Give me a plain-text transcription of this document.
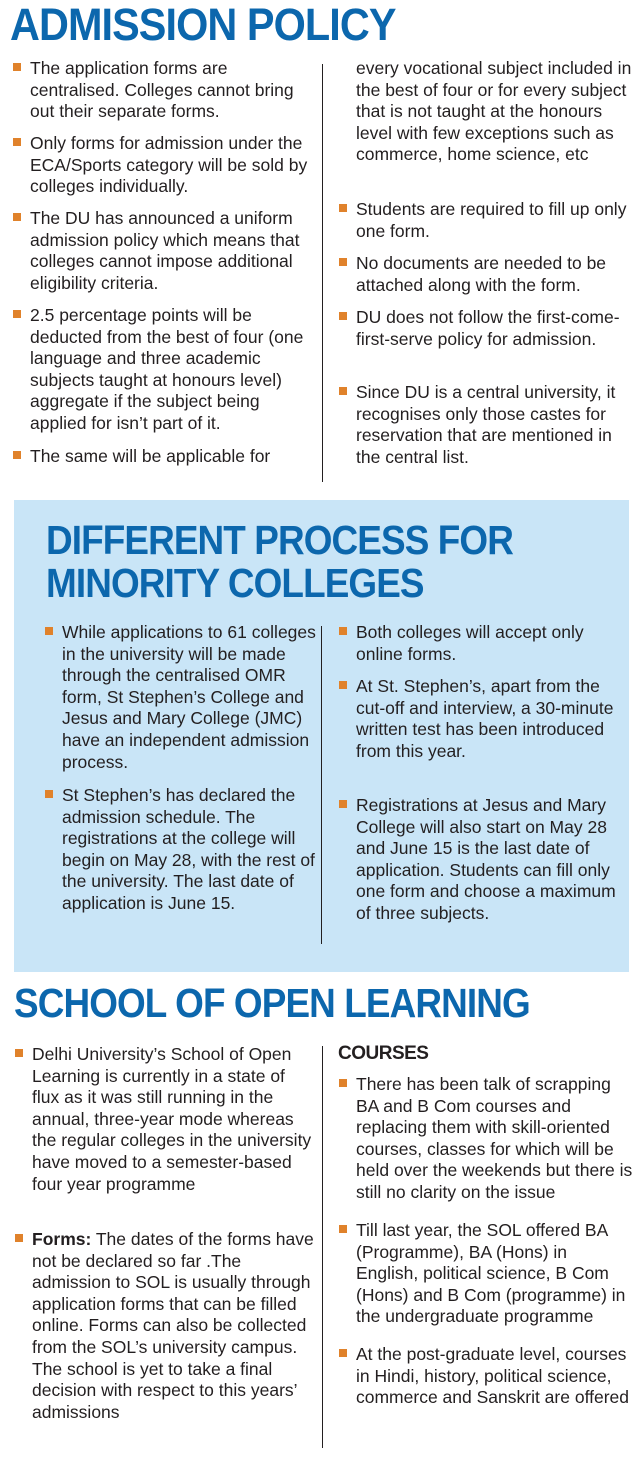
ADMISSION POLICY

The application forms are centralised. Colleges cannot bring out their separate forms.

Only forms for admission under the ECA/Sports category will be sold by colleges individually.

The DU has announced a uniform admission policy which means that colleges cannot impose additional eligibility criteria.

2.5 percentage points will be deducted from the best of four (one language and three academic subjects taught at honours level) aggregate if the subject being applied for isn’t part of it.

The same will be applicable for

every vocational subject included in the best of four or for every subject that is not taught at the honours level with few exceptions such as commerce, home science, etc

Students are required to fill up only one form.

No documents are needed to be attached along with the form.

DU does not follow the first-come-first-serve policy for admission.

Since DU is a central university, it recognises only those castes for reservation that are mentioned in the central list.

DIFFERENT PROCESS FOR
MINORITY COLLEGES

While applications to 61 colleges in the university will be made through the centralised OMR form, St Stephen’s College and Jesus and Mary College (JMC) have an independent admission process.

St Stephen’s has declared the admission schedule. The registrations at the college will begin on May 28, with the rest of the university. The last date of application is June 15.

Both colleges will accept only online forms.

At St. Stephen’s, apart from the cut-off and interview, a 30-minute written test has been introduced from this year.

Registrations at Jesus and Mary College will also start on May 28 and June 15 is the last date of application. Students can fill only one form and choose a maximum of three subjects.

SCHOOL OF OPEN LEARNING

Delhi University’s School of Open Learning is currently in a state of flux as it was still running in the annual, three-year mode whereas the regular colleges in the university have moved to a semester-based four year programme

Forms: The dates of the forms have not be declared so far .The admission to SOL is usually through application forms that can be filled online. Forms can also be collected from the SOL’s university campus. The school is yet to take a final decision with respect to this years’ admissions

COURSES

There has been talk of scrapping BA and B Com courses and replacing them with skill-oriented courses, classes for which will be held over the weekends but there is still no clarity on the issue

Till last year, the SOL offered BA (Programme), BA (Hons) in English, political science, B Com (Hons) and B Com (programme) in the undergraduate programme

At the post-graduate level, courses in Hindi, history, political science, commerce and Sanskrit are offered
